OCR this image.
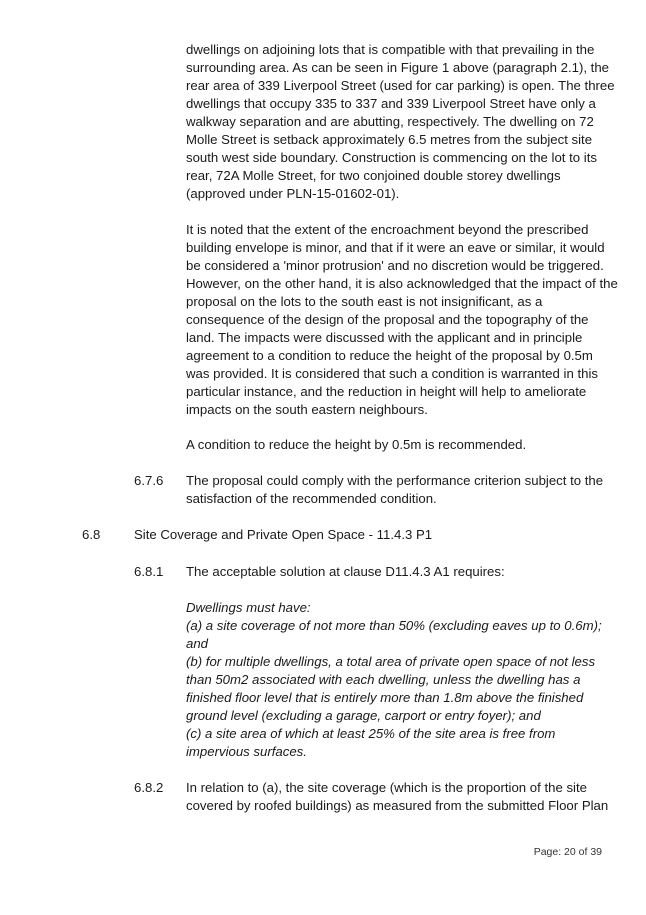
dwellings on adjoining lots that is compatible with that prevailing in the
surrounding area. As can be seen in Figure 1 above (paragraph 2.1), the
rear area of 339 Liverpool Street (used for car parking) is open. The three
dwellings that occupy 335 to 337 and 339 Liverpool Street have only a
walkway separation and are abutting, respectively. The dwelling on 72
Molle Street is setback approximately 6.5 metres from the subject site
south west side boundary. Construction is commencing on the lot to its
rear, 72A Molle Street, for two conjoined double storey dwellings
(approved under PLN-15-01602-01).
It is noted that the extent of the encroachment beyond the prescribed
building envelope is minor, and that if it were an eave or similar, it would
be considered a 'minor protrusion' and no discretion would be triggered.
However, on the other hand, it is also acknowledged that the impact of the
proposal on the lots to the south east is not insignificant, as a
consequence of the design of the proposal and the topography of the
land. The impacts were discussed with the applicant and in principle
agreement to a condition to reduce the height of the proposal by 0.5m
was provided. It is considered that such a condition is warranted in this
particular instance, and the reduction in height will help to ameliorate
impacts on the south eastern neighbours.
A condition to reduce the height by 0.5m is recommended.
6.7.6 The proposal could comply with the performance criterion subject to the
satisfaction of the recommended condition.
6.8	Site Coverage and Private Open Space - 11.4.3 P1
6.8.1 The acceptable solution at clause D11.4.3 A1 requires:
Dwellings must have:
(a) a site coverage of not more than 50% (excluding eaves up to 0.6m);
and
(b) for multiple dwellings, a total area of private open space of not less
than 50m2 associated with each dwelling, unless the dwelling has a
finished floor level that is entirely more than 1.8m above the finished
ground level (excluding a garage, carport or entry foyer); and
(c) a site area of which at least 25% of the site area is free from
impervious surfaces.
6.8.2 In relation to (a), the site coverage (which is the proportion of the site
covered by roofed buildings) as measured from the submitted Floor Plan
Page: 20 of 39
